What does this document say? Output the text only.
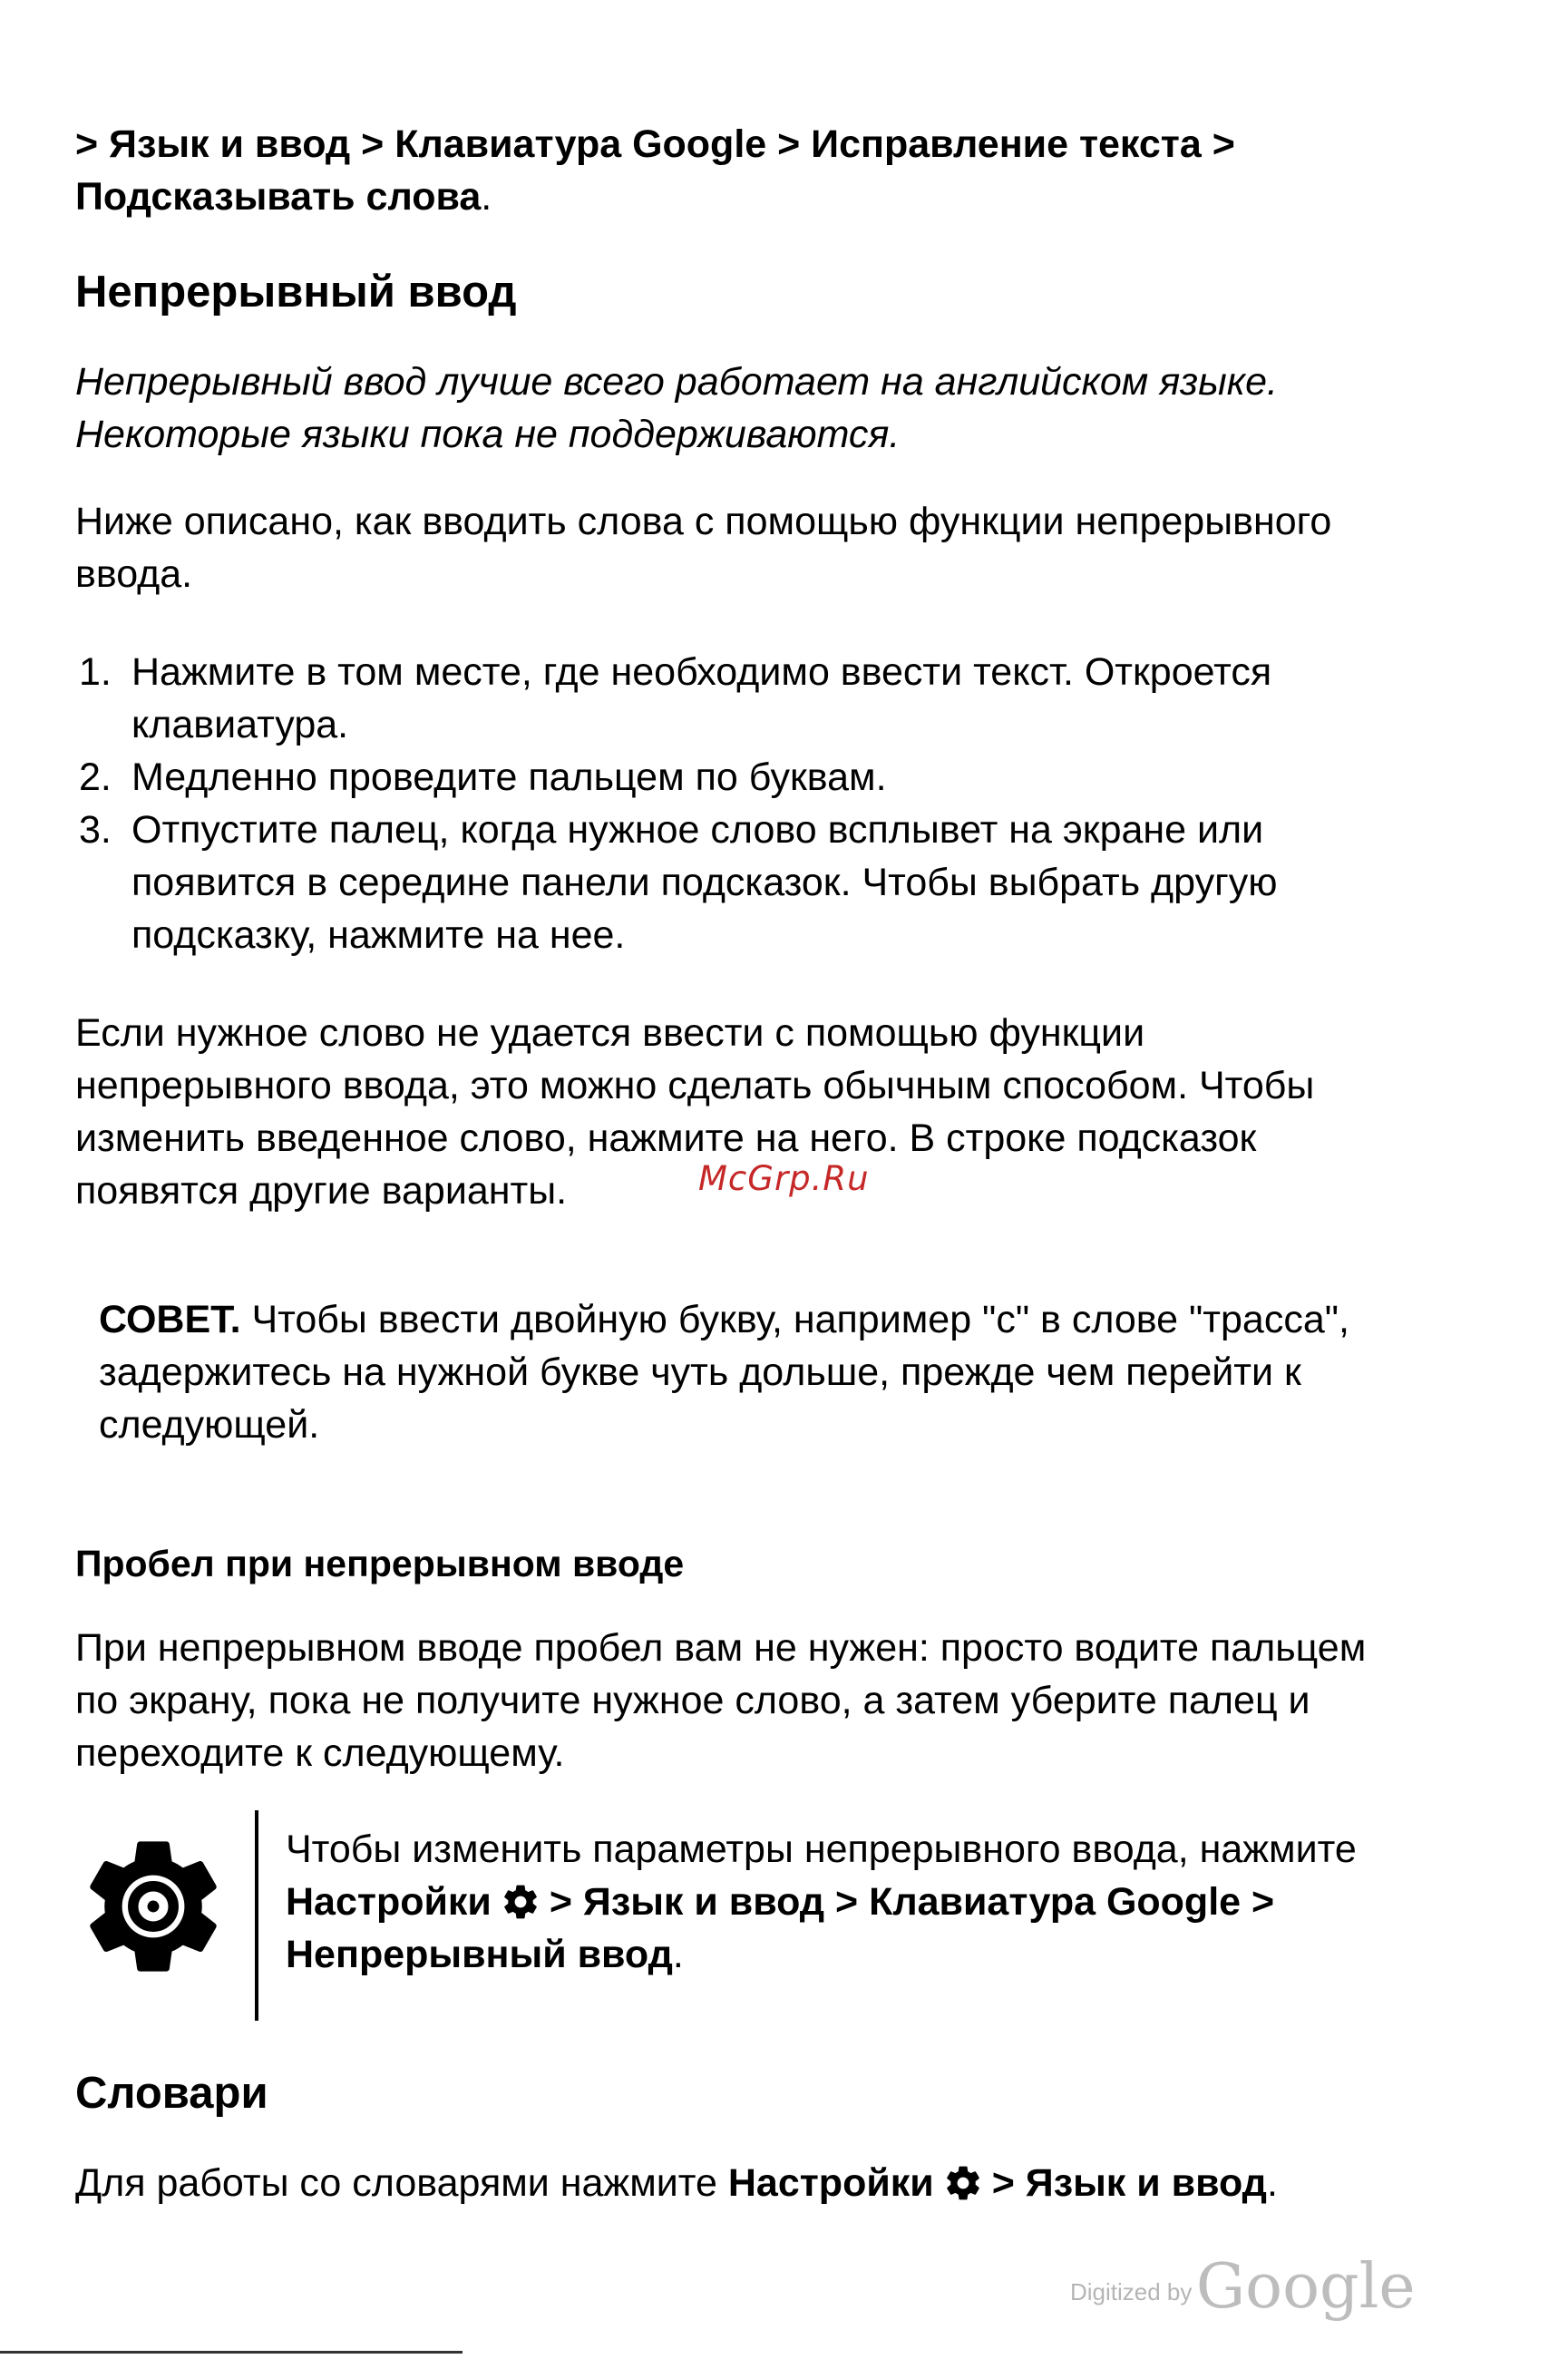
> Язык и ввод > Клавиатура Google > Исправление текста >

Подсказывать слова.

Непрерывный ввод

Непрерывный ввод лучше всего работает на английском языке.

Некоторые языки пока не поддерживаются.

Ниже описано, как вводить слова с помощью функции непрерывного

ввода.

1. Нажмите в том месте, где необходимо ввести текст. Откроется
клавиатура.
2. Медленно проведите пальцем по буквам.
3. Отпустите палец, когда нужное слово всплывет на экране или
появится в середине панели подсказок. Чтобы выбрать другую
подсказку, нажмите на нее.

Если нужное слово не удается ввести с помощью функции

непрерывного ввода, это можно сделать обычным способом. Чтобы

изменить введенное слово, нажмите на него. В строке подсказок

появятся другие варианты.

СОВЕТ. Чтобы ввести двойную букву, например "с" в слове "трасса",

задержитесь на нужной букве чуть дольше, прежде чем перейти к

следующей.

Пробел при непрерывном вводе

При непрерывном вводе пробел вам не нужен: просто водите пальцем

по экрану, пока не получите нужное слово, а затем уберите палец и

переходите к следующему.

Чтобы изменить параметры непрерывного ввода, нажмите

Настройки > Язык и ввод > Клавиатура Google >

Непрерывный ввод.

Словари

Для работы со словарями нажмите Настройки > Язык и ввод.

McGrp.Ru
Digitized by Google
